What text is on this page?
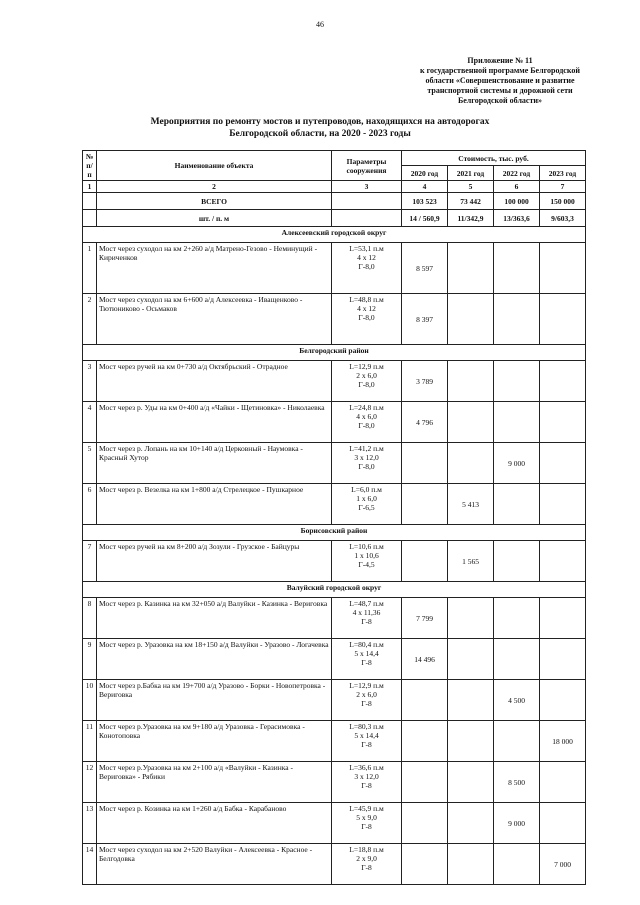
46
Приложение № 11
к государственной программе Белгородской
области «Совершенствование и развитие
транспортной системы и дорожной сети
Белгородской области»
Мероприятия по ремонту мостов и путепроводов, находящихся на автодорогах
Белгородской области, на 2020 - 2023 годы
№ п/п	Наименование объекта	Параметры сооружения	Стоимость, тыс. руб.			
			2020 год	2021 год	2022 год	2023 год
1	2	3	4	5	6	7
	ВСЕГО		103 523	73 442	100 000	150 000
	шт. / п. м		14 / 560,9	11/342,9	13/363,6	9/603,3
Алексеевский городской округ						
1	Мост через суходол на км 2+260 а/д Матрено-Гезово - Неминущий - Кириченков	L=53,1 п.м
4 х 12
Г-8,0	8 597			
2	Мост через суходол на км 6+600 а/д Алексеевка - Иващенково - Тютюниково - Осьмаков	L=48,8 п.м
4 х 12
Г-8,0	8 397			
Белгородский район						
3	Мост через ручей на км 0+730 а/д Октябрьский - Отрадное	L=12,9 п.м
2 х 6,0
Г-8,0	3 789			
4	Мост через р. Уды на км 0+400 а/д «Чайки - Щетиновка» - Николаевка	L=24,8 п.м
4 х 6,0
Г-8,0	4 796			
5	Мост через р. Лопань на км 10+140 а/д Церковный - Наумовка - Красный Хутор	L=41,2 п.м
3 х 12,0
Г-8,0			9 000	
6	Мост через р. Везелка на км 1+800 а/д Стрелецкое - Пушкарное	L=6,0 п.м
1 х 6,0
Г-6,5		5 413		
Борисовский район						
7	Мост через ручей на км 8+200 а/д Зозули - Грузское - Байцуры	L=10,6 п.м
1 х 10,6
Г-4,5		1 565		
Валуйский городской округ						
8	Мост через р. Казинка на км 32+050 а/д Валуйки - Казинка - Вериговка	L=48,7 п.м
4 х 11,36
Г-8	7 799			
9	Мост через р. Уразовка на км 18+150 а/д Валуйки - Уразово - Логачевка	L=80,4 п.м
5 х 14,4
Г-8	14 496			
10	Мост через р.Бабка на км 19+700 а/д Уразово - Борки - Новопетровка - Вериговка	L=12,9 п.м
2 х 6,0
Г-8			4 500	
11	Мост через р.Уразовка на км 9+180 а/д Уразовка - Герасимовка - Конотоповка	L=80,3 п.м
5 х 14,4
Г-8				18 000
12	Мост через р.Уразовка на км 2+100 а/д «Валуйки - Казинка - Вериговка» - Рябики	L=36,6 п.м
3 х 12,0
Г-8			8 500	
13	Мост через р. Козинка на км 1+260 а/д Бабка - Карабаново	L=45,9 п.м
5 х 9,0
Г-8			9 000	
14	Мост через суходол на км 2+520 Валуйки - Алексеевка - Красное - Белгодовка	L=18,8 п.м
2 х 9,0
Г-8				7 000
